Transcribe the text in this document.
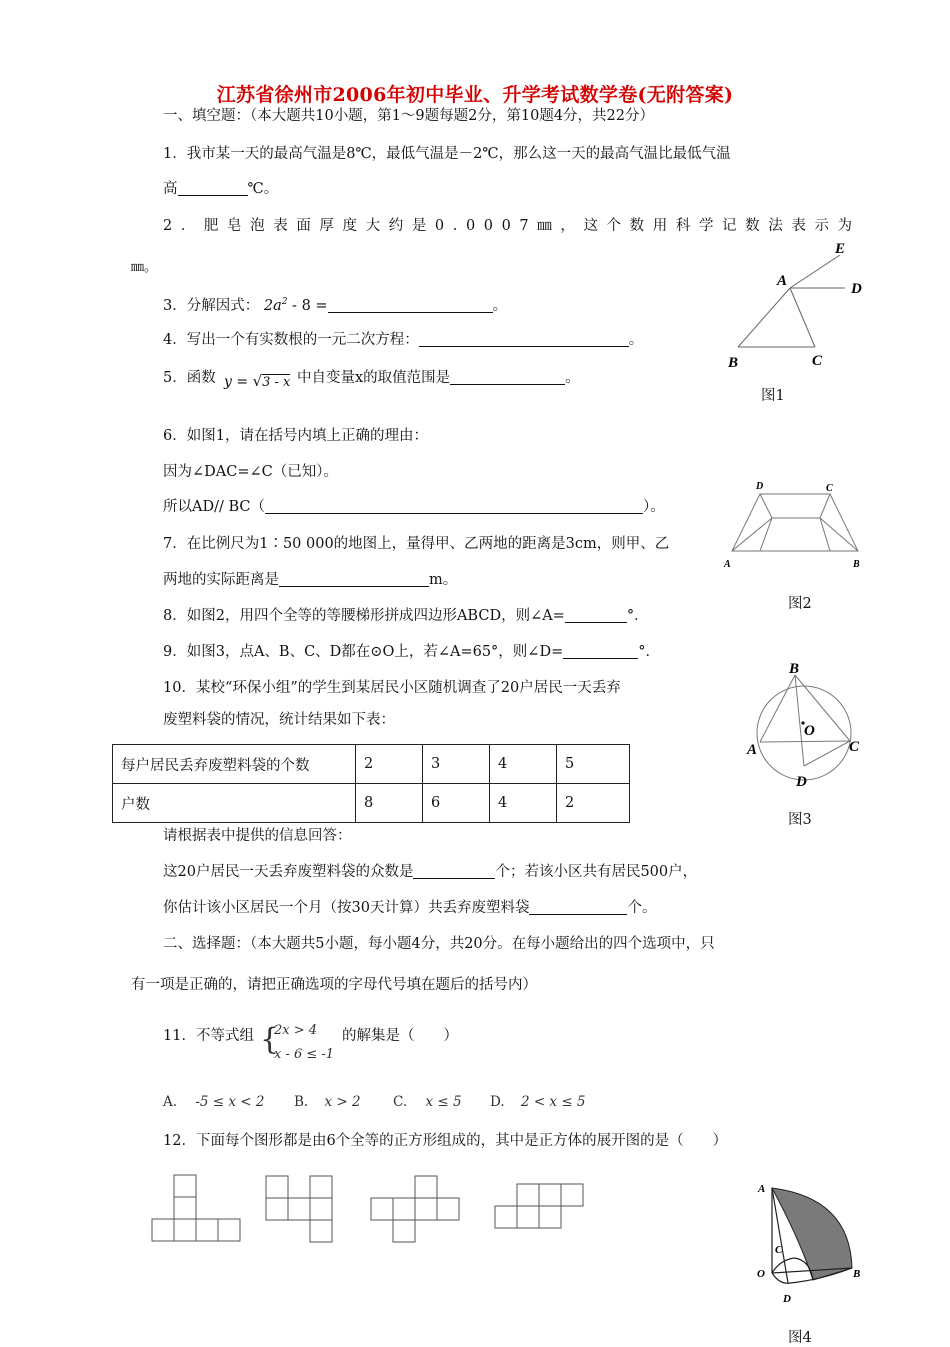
江苏省徐州市2006年初中毕业、升学考试数学卷(无附答案)
一、填空题：（本大题共10小题，第1～9题每题2分，第10题4分，共22分）
1．我市某一天的最高气温是8℃，最低气温是－2℃，那么这一天的最高气温比最低气温
高	℃。
2．肥皂泡表面厚度大约是0.0007㎜，这个数用科学记数法表示为
㎜。
3．分解因式： $2a^2 - 8$ =	。
4．写出一个有实数根的一元二次方程：	。
5．函数 y = √3 - x 中自变量x的取值范围是	。
6．如图1，请在括号内填上正确的理由：
因为∠DAC=∠C（已知）。
所以AD// BC（	）。
7．在比例尺为1∶50 000的地图上，量得甲、乙两地的距离是3cm，则甲、乙
两地的实际距离是	m。
8．如图2，用四个全等的等腰梯形拼成四边形ABCD，则∠A=	°．
9．如图3，点A、B、C、D都在⊙O上，若∠A=65°，则∠D=	°．
10．某校“环保小组”的学生到某居民小区随机调查了20户居民一天丢弃
废塑料袋的情况，统计结果如下表：
每户居民丢弃废塑料袋的个数	2	3	4	5
户数	8	6	4	2
请根据表中提供的信息回答：
这20户居民一天丢弃废塑料袋的众数是	个；若该小区共有居民500户，
你估计该小区居民一个月（按30天计算）共丢弃废塑料袋	个。
二、选择题：（本大题共5小题，每小题4分，共20分。在每小题给出的四个选项中，只
有一项是正确的，请把正确选项的字母代号填在题后的括号内）
11．不等式组 {
2x > 4
x - 6 ≤ -1
的解集是（　　）
A. -5 ≤ x < 2 B. x > 2 C. x ≤ 5 D. 2 < x ≤ 5
12．下面每个图形都是由6个全等的正方形组成的，其中是正方体的展开图的是（　　）
E
A	D
B	C
图1
D	C
A	B
图2
B
O
A	C
D
图3
A
C
O	B
D
图4
